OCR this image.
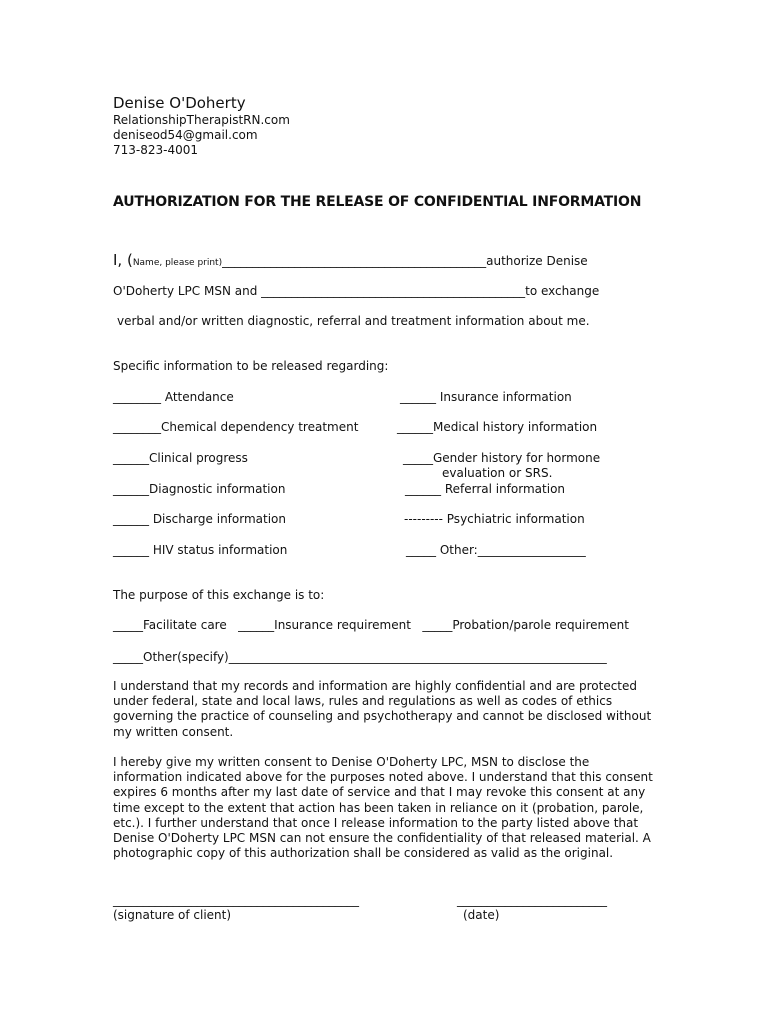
Denise O'Doherty
RelationshipTherapistRN.com
deniseod54@gmail.com
713-823-4001
AUTHORIZATION FOR THE RELEASE OF CONFIDENTIAL INFORMATION
I, (Name, please print)____________________________________________authorize Denise
O'Doherty LPC MSN and ____________________________________________to exchange
verbal and/or written diagnostic, referral and treatment information about me.
Specific information to be released regarding:
________ Attendance
________Chemical dependency treatment
______Clinical progress
______Diagnostic information
______ Discharge information
______ HIV status information
______ Insurance information
______Medical history information
_____Gender history for hormone
evaluation or SRS.
______ Referral information
--------- Psychiatric information
_____ Other:__________________
The purpose of this exchange is to:
_____Facilitate care   ______Insurance requirement   _____Probation/parole requirement
_____Other(specify)_______________________________________________________________
I understand that my records and information are highly confidential and are protected under federal, state and local laws, rules and regulations as well as codes of ethics governing the practice of counseling and psychotherapy and cannot be disclosed without my written consent.
I hereby give my written consent to Denise O'Doherty LPC, MSN to disclose the information indicated above for the purposes noted above. I understand that this consent expires 6 months after my last date of service and that I may revoke this consent at any time except to the extent that action has been taken in reliance on it (probation, parole, etc.). I further understand that once I release information to the party listed above that Denise O'Doherty LPC MSN can not ensure the confidentiality of that released material. A photographic copy of this authorization shall be considered as valid as the original.
_________________________________________
(signature of client)
_________________________
(date)
